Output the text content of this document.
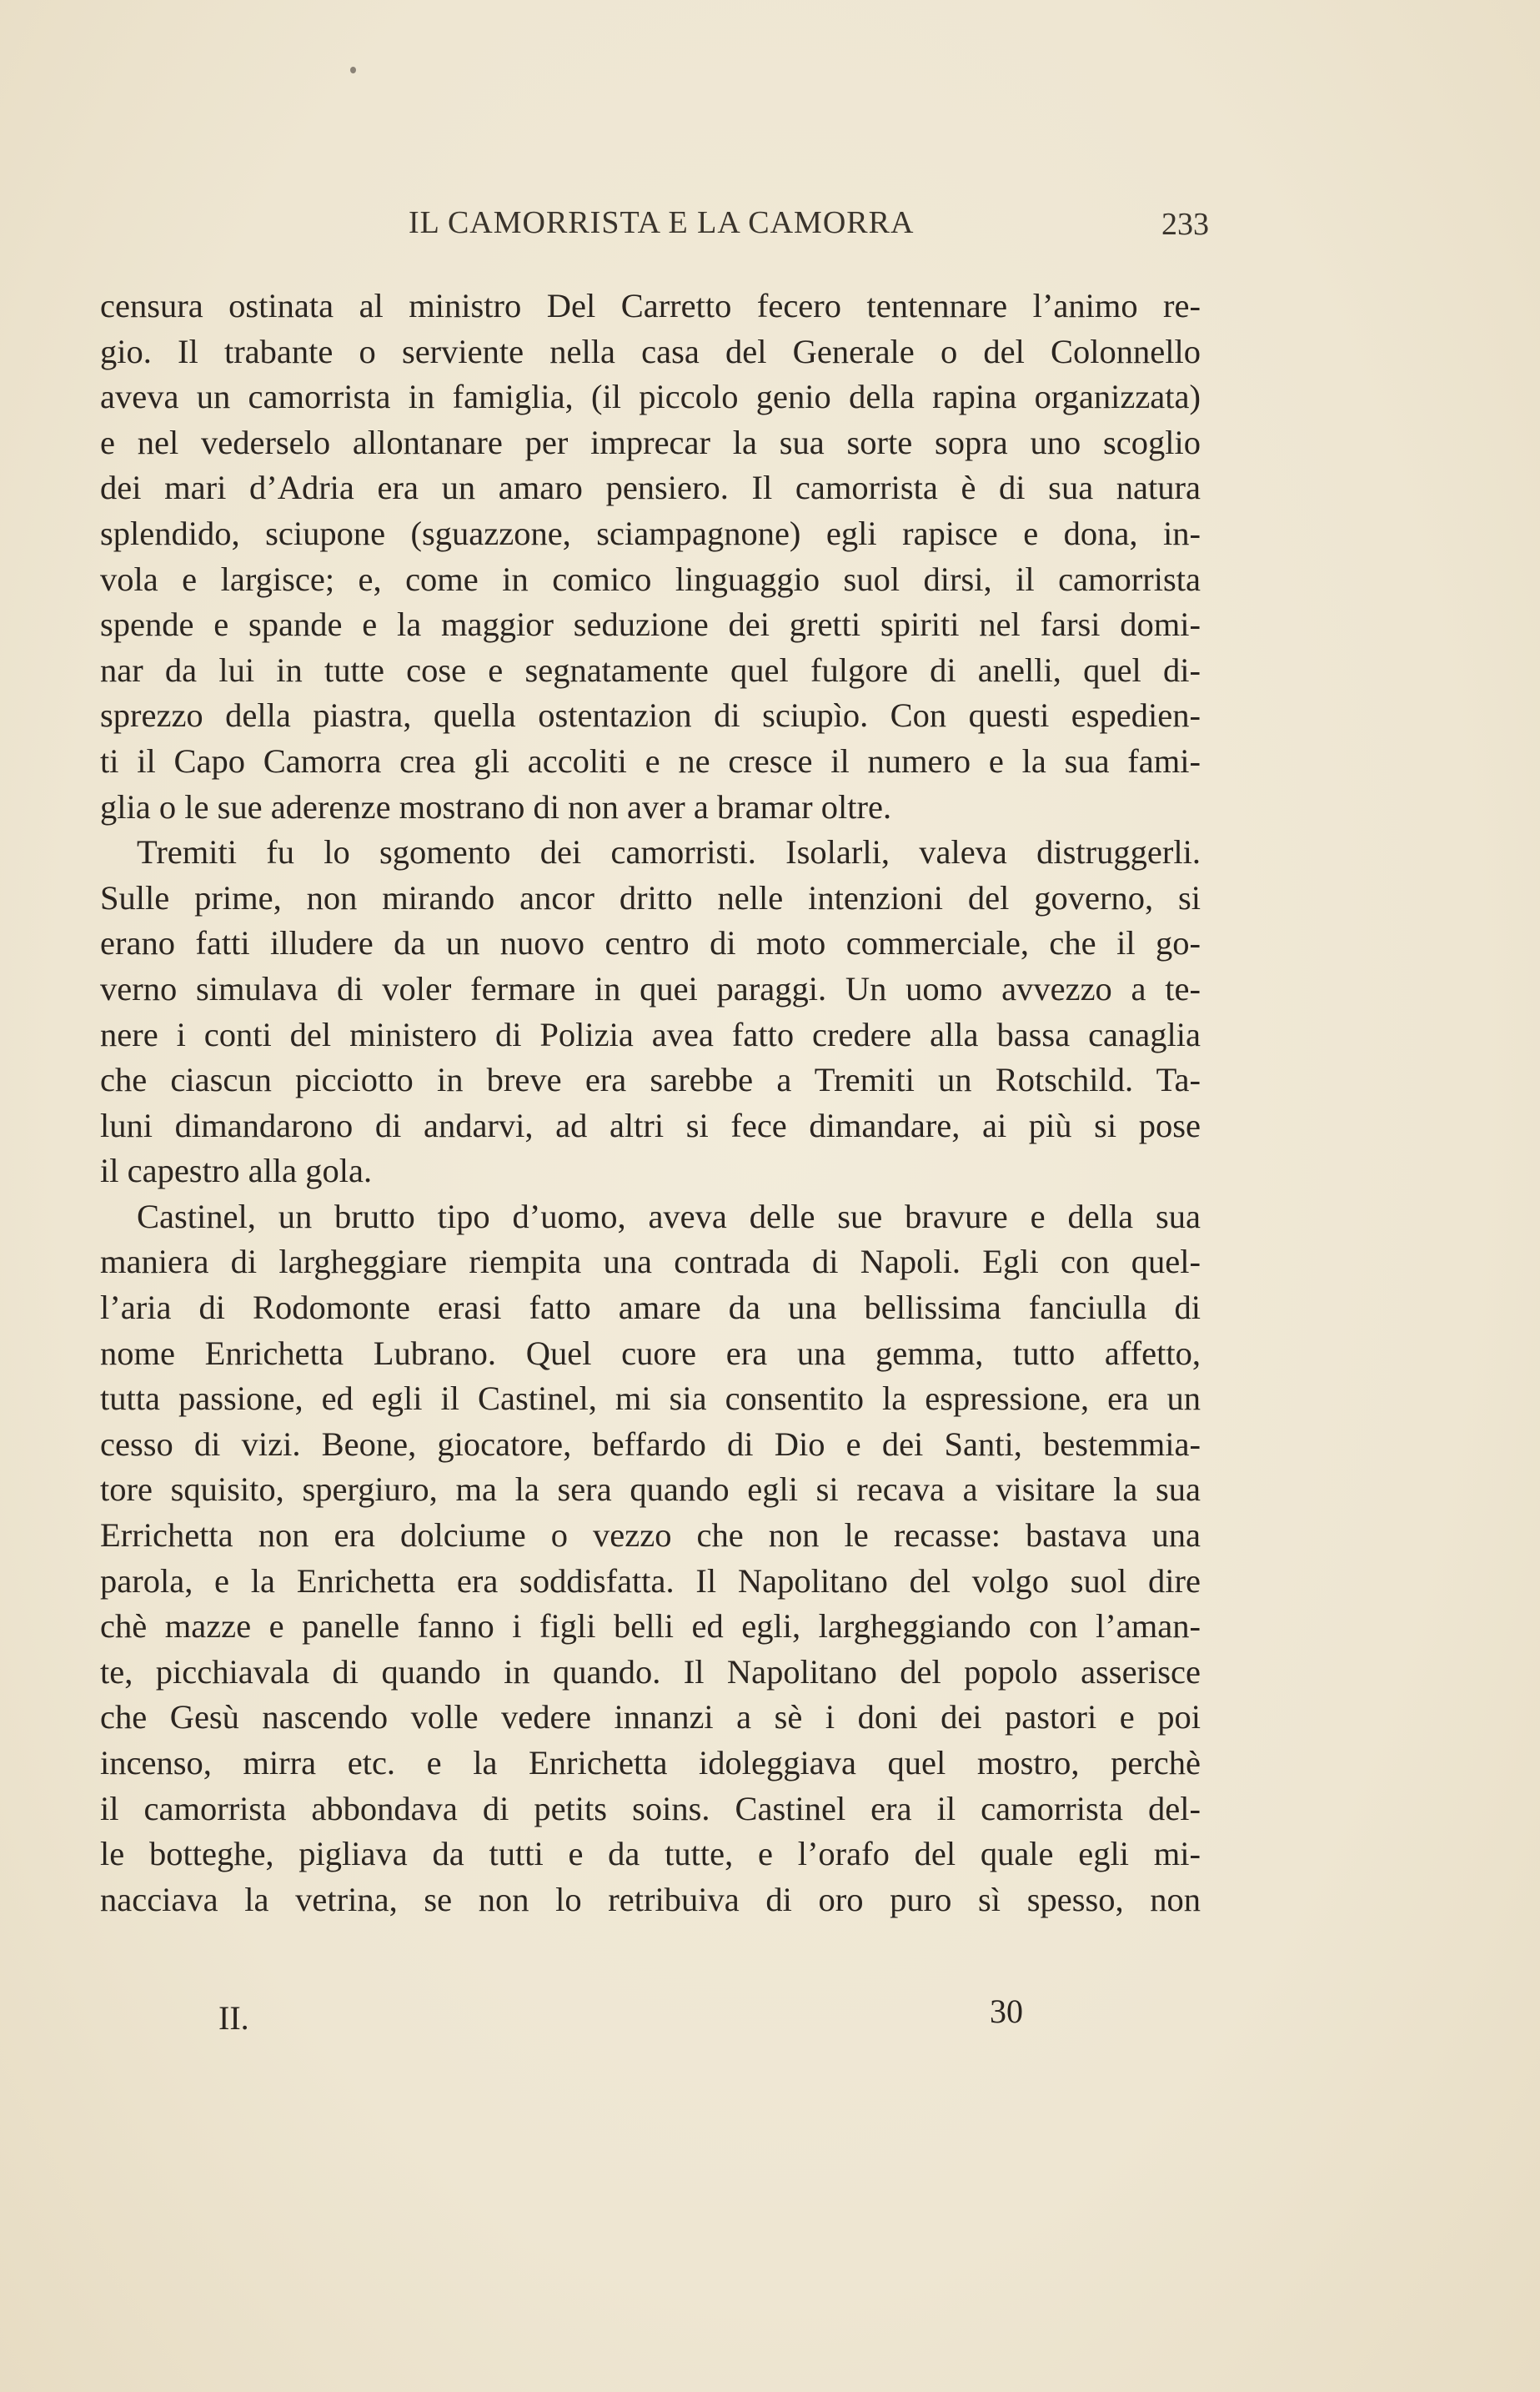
IL CAMORRISTA E LA CAMORRA	233
censura ostinata al ministro Del Carretto fecero tentennare l’animo re-
gio. Il trabante o serviente nella casa del Generale o del Colonnello
aveva un camorrista in famiglia, (il piccolo genio della rapina organizzata)
e nel vederselo allontanare per imprecar la sua sorte sopra uno scoglio
dei mari d’Adria era un amaro pensiero. Il camorrista è di sua natura
splendido, sciupone (sguazzone, sciampagnone) egli rapisce e dona, in-
vola e largisce; e, come in comico linguaggio suol dirsi, il camorrista
spende e spande e la maggior seduzione dei gretti spiriti nel farsi domi-
nar da lui in tutte cose e segnatamente quel fulgore di anelli, quel di-
sprezzo della piastra, quella ostentazion di sciupìo. Con questi espedien-
ti il Capo Camorra crea gli accoliti e ne cresce il numero e la sua fami-
glia o le sue aderenze mostrano di non aver a bramar oltre.
Tremiti fu lo sgomento dei camorristi. Isolarli, valeva distruggerli.
Sulle prime, non mirando ancor dritto nelle intenzioni del governo, si
erano fatti illudere da un nuovo centro di moto commerciale, che il go-
verno simulava di voler fermare in quei paraggi. Un uomo avvezzo a te-
nere i conti del ministero di Polizia avea fatto credere alla bassa canaglia
che ciascun picciotto in breve era sarebbe a Tremiti un Rotschild. Ta-
luni dimandarono di andarvi, ad altri si fece dimandare, ai più si pose
il capestro alla gola.
Castinel, un brutto tipo d’uomo, aveva delle sue bravure e della sua
maniera di largheggiare riempita una contrada di Napoli. Egli con quel-
l’aria di Rodomonte erasi fatto amare da una bellissima fanciulla di
nome Enrichetta Lubrano. Quel cuore era una gemma, tutto affetto,
tutta passione, ed egli il Castinel, mi sia consentito la espressione, era un
cesso di vizi. Beone, giocatore, beffardo di Dio e dei Santi, bestemmia-
tore squisito, spergiuro, ma la sera quando egli si recava a visitare la sua
Errichetta non era dolciume o vezzo che non le recasse: bastava una
parola, e la Enrichetta era soddisfatta. Il Napolitano del volgo suol dire
chè mazze e panelle fanno i figli belli ed egli, largheggiando con l’aman-
te, picchiavala di quando in quando. Il Napolitano del popolo asserisce
che Gesù nascendo volle vedere innanzi a sè i doni dei pastori e poi
incenso, mirra etc. e la Enrichetta idoleggiava quel mostro, perchè
il camorrista abbondava di petits soins. Castinel era il camorrista del-
le botteghe, pigliava da tutti e da tutte, e l’orafo del quale egli mi-
nacciava la vetrina, se non lo retribuiva di oro puro sì spesso, non
II.	30
